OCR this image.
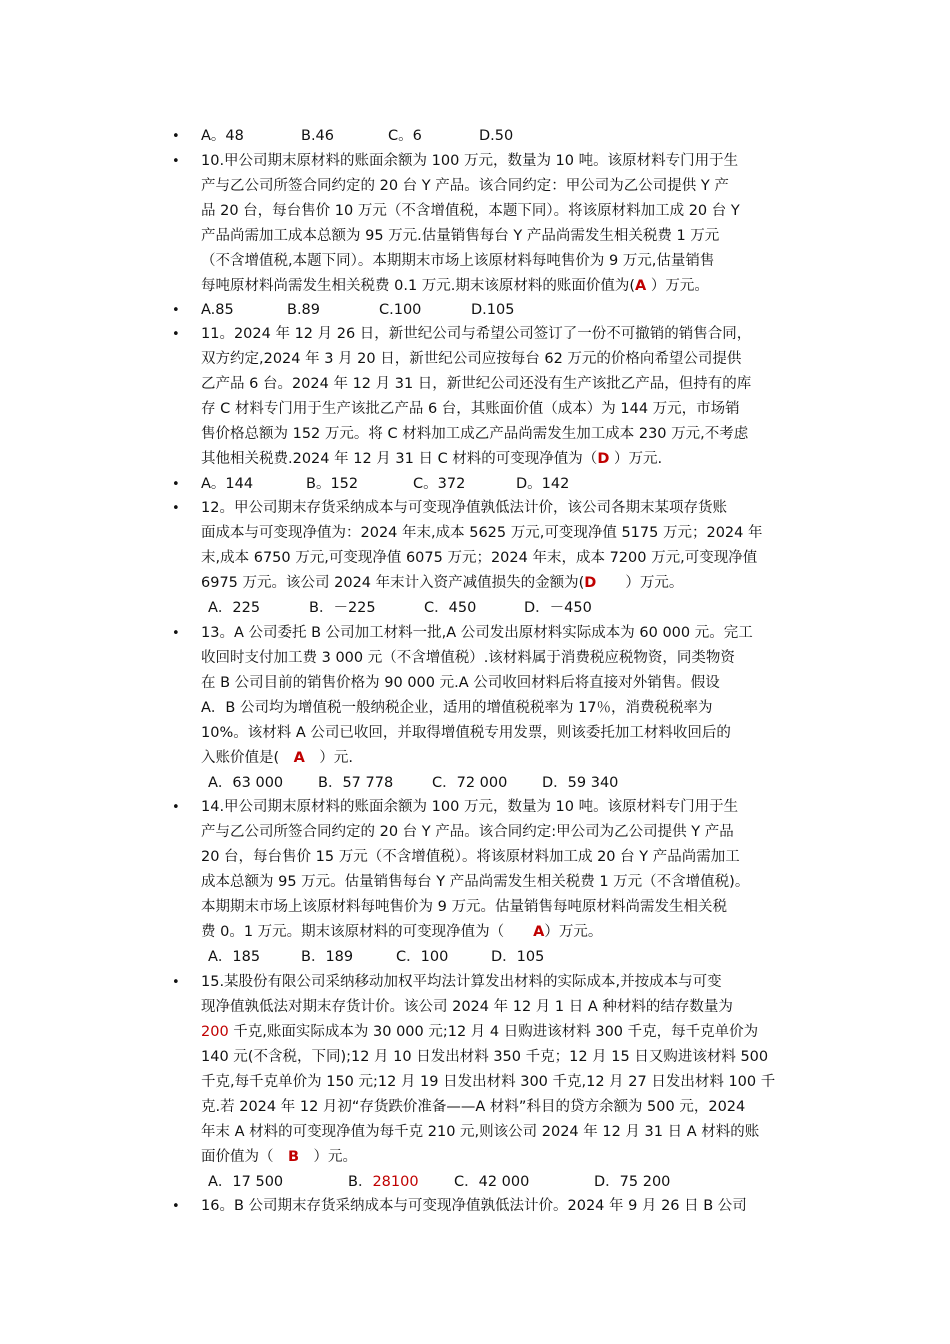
• A。48	B.46	C。6	D.50
• 10.甲公司期末原材料的账面余额为 100 万元，数量为 10 吨。该原材料专门用于生
产与乙公司所签合同约定的 20 台 Y 产品。该合同约定：甲公司为乙公司提供 Y 产
品 20 台，每台售价 10 万元（不含增值税，本题下同）。将该原材料加工成 20 台 Y
产品尚需加工成本总额为 95 万元.估量销售每台 Y 产品尚需发生相关税费 1 万元
（不含增值税,本题下同）。本期期末市场上该原材料每吨售价为 9 万元,估量销售
每吨原材料尚需发生相关税费 0.1 万元.期末该原材料的账面价值为(A ）万元。
• A.85	B.89	C.100	D.105
• 11。2024 年 12 月 26 日，新世纪公司与希望公司签订了一份不可撤销的销售合同，
双方约定,2024 年 3 月 20 日，新世纪公司应按每台 62 万元的价格向希望公司提供
乙产品 6 台。2024 年 12 月 31 日，新世纪公司还没有生产该批乙产品，但持有的库
存 C 材料专门用于生产该批乙产品 6 台，其账面价值（成本）为 144 万元，市场销
售价格总额为 152 万元。将 C 材料加工成乙产品尚需发生加工成本 230 万元,不考虑
其他相关税费.2024 年 12 月 31 日 C 材料的可变现净值为（D ）万元.
• A。144	B。152	C。372	D。142
• 12。甲公司期末存货采纳成本与可变现净值孰低法计价，该公司各期末某项存货账
面成本与可变现净值为：2024 年末,成本 5625 万元,可变现净值 5175 万元；2024 年
末,成本 6750 万元,可变现净值 6075 万元；2024 年末，成本 7200 万元,可变现净值
6975 万元。该公司 2024 年末计入资产减值损失的金额为(D　　）万元。
A．225	B．－225	C．450	D．－450
• 13。A 公司委托 B 公司加工材料一批,A 公司发出原材料实际成本为 60 000 元。完工
收回时支付加工费 3 000 元（不含增值税）.该材料属于消费税应税物资，同类物资
在 B 公司目前的销售价格为 90 000 元.A 公司收回材料后将直接对外销售。假设
A．B 公司均为增值税一般纳税企业，适用的增值税税率为 17％，消费税税率为
10%。该材料 A 公司已收回，并取得增值税专用发票，则该委托加工材料收回后的
入账价值是(　A　）元.
A．63 000 B．57 778	C．72 000 D．59 340
• 14.甲公司期末原材料的账面余额为 100 万元，数量为 10 吨。该原材料专门用于生
产与乙公司所签合同约定的 20 台 Y 产品。该合同约定:甲公司为乙公司提供 Y 产品
20 台，每台售价 15 万元（不含增值税）。将该原材料加工成 20 台 Y 产品尚需加工
成本总额为 95 万元。估量销售每台 Y 产品尚需发生相关税费 1 万元（不含增值税)。
本期期末市场上该原材料每吨售价为 9 万元。估量销售每吨原材料尚需发生相关税
费 0。1 万元。期末该原材料的可变现净值为（　　A）万元。
A．185	B．189	C．100	D．105
• 15.某股份有限公司采纳移动加权平均法计算发出材料的实际成本,并按成本与可变
现净值孰低法对期末存货计价。该公司 2024 年 12 月 1 日 A 种材料的结存数量为
200 千克,账面实际成本为 30 000 元;12 月 4 日购进该材料 300 千克，每千克单价为
140 元(不含税，下同);12 月 10 日发出材料 350 千克；12 月 15 日又购进该材料 500
千克,每千克单价为 150 元;12 月 19 日发出材料 300 千克,12 月 27 日发出材料 100 千
克.若 2024 年 12 月初“存货跌价准备——A 材料”科目的贷方余额为 500 元，2024
年末 A 材料的可变现净值为每千克 210 元,则该公司 2024 年 12 月 31 日 A 材料的账
面价值为（　B　）元。
A．17 500	B．28100 C．42 000	D．75 200
• 16。B 公司期末存货采纳成本与可变现净值孰低法计价。2024 年 9 月 26 日 B 公司
